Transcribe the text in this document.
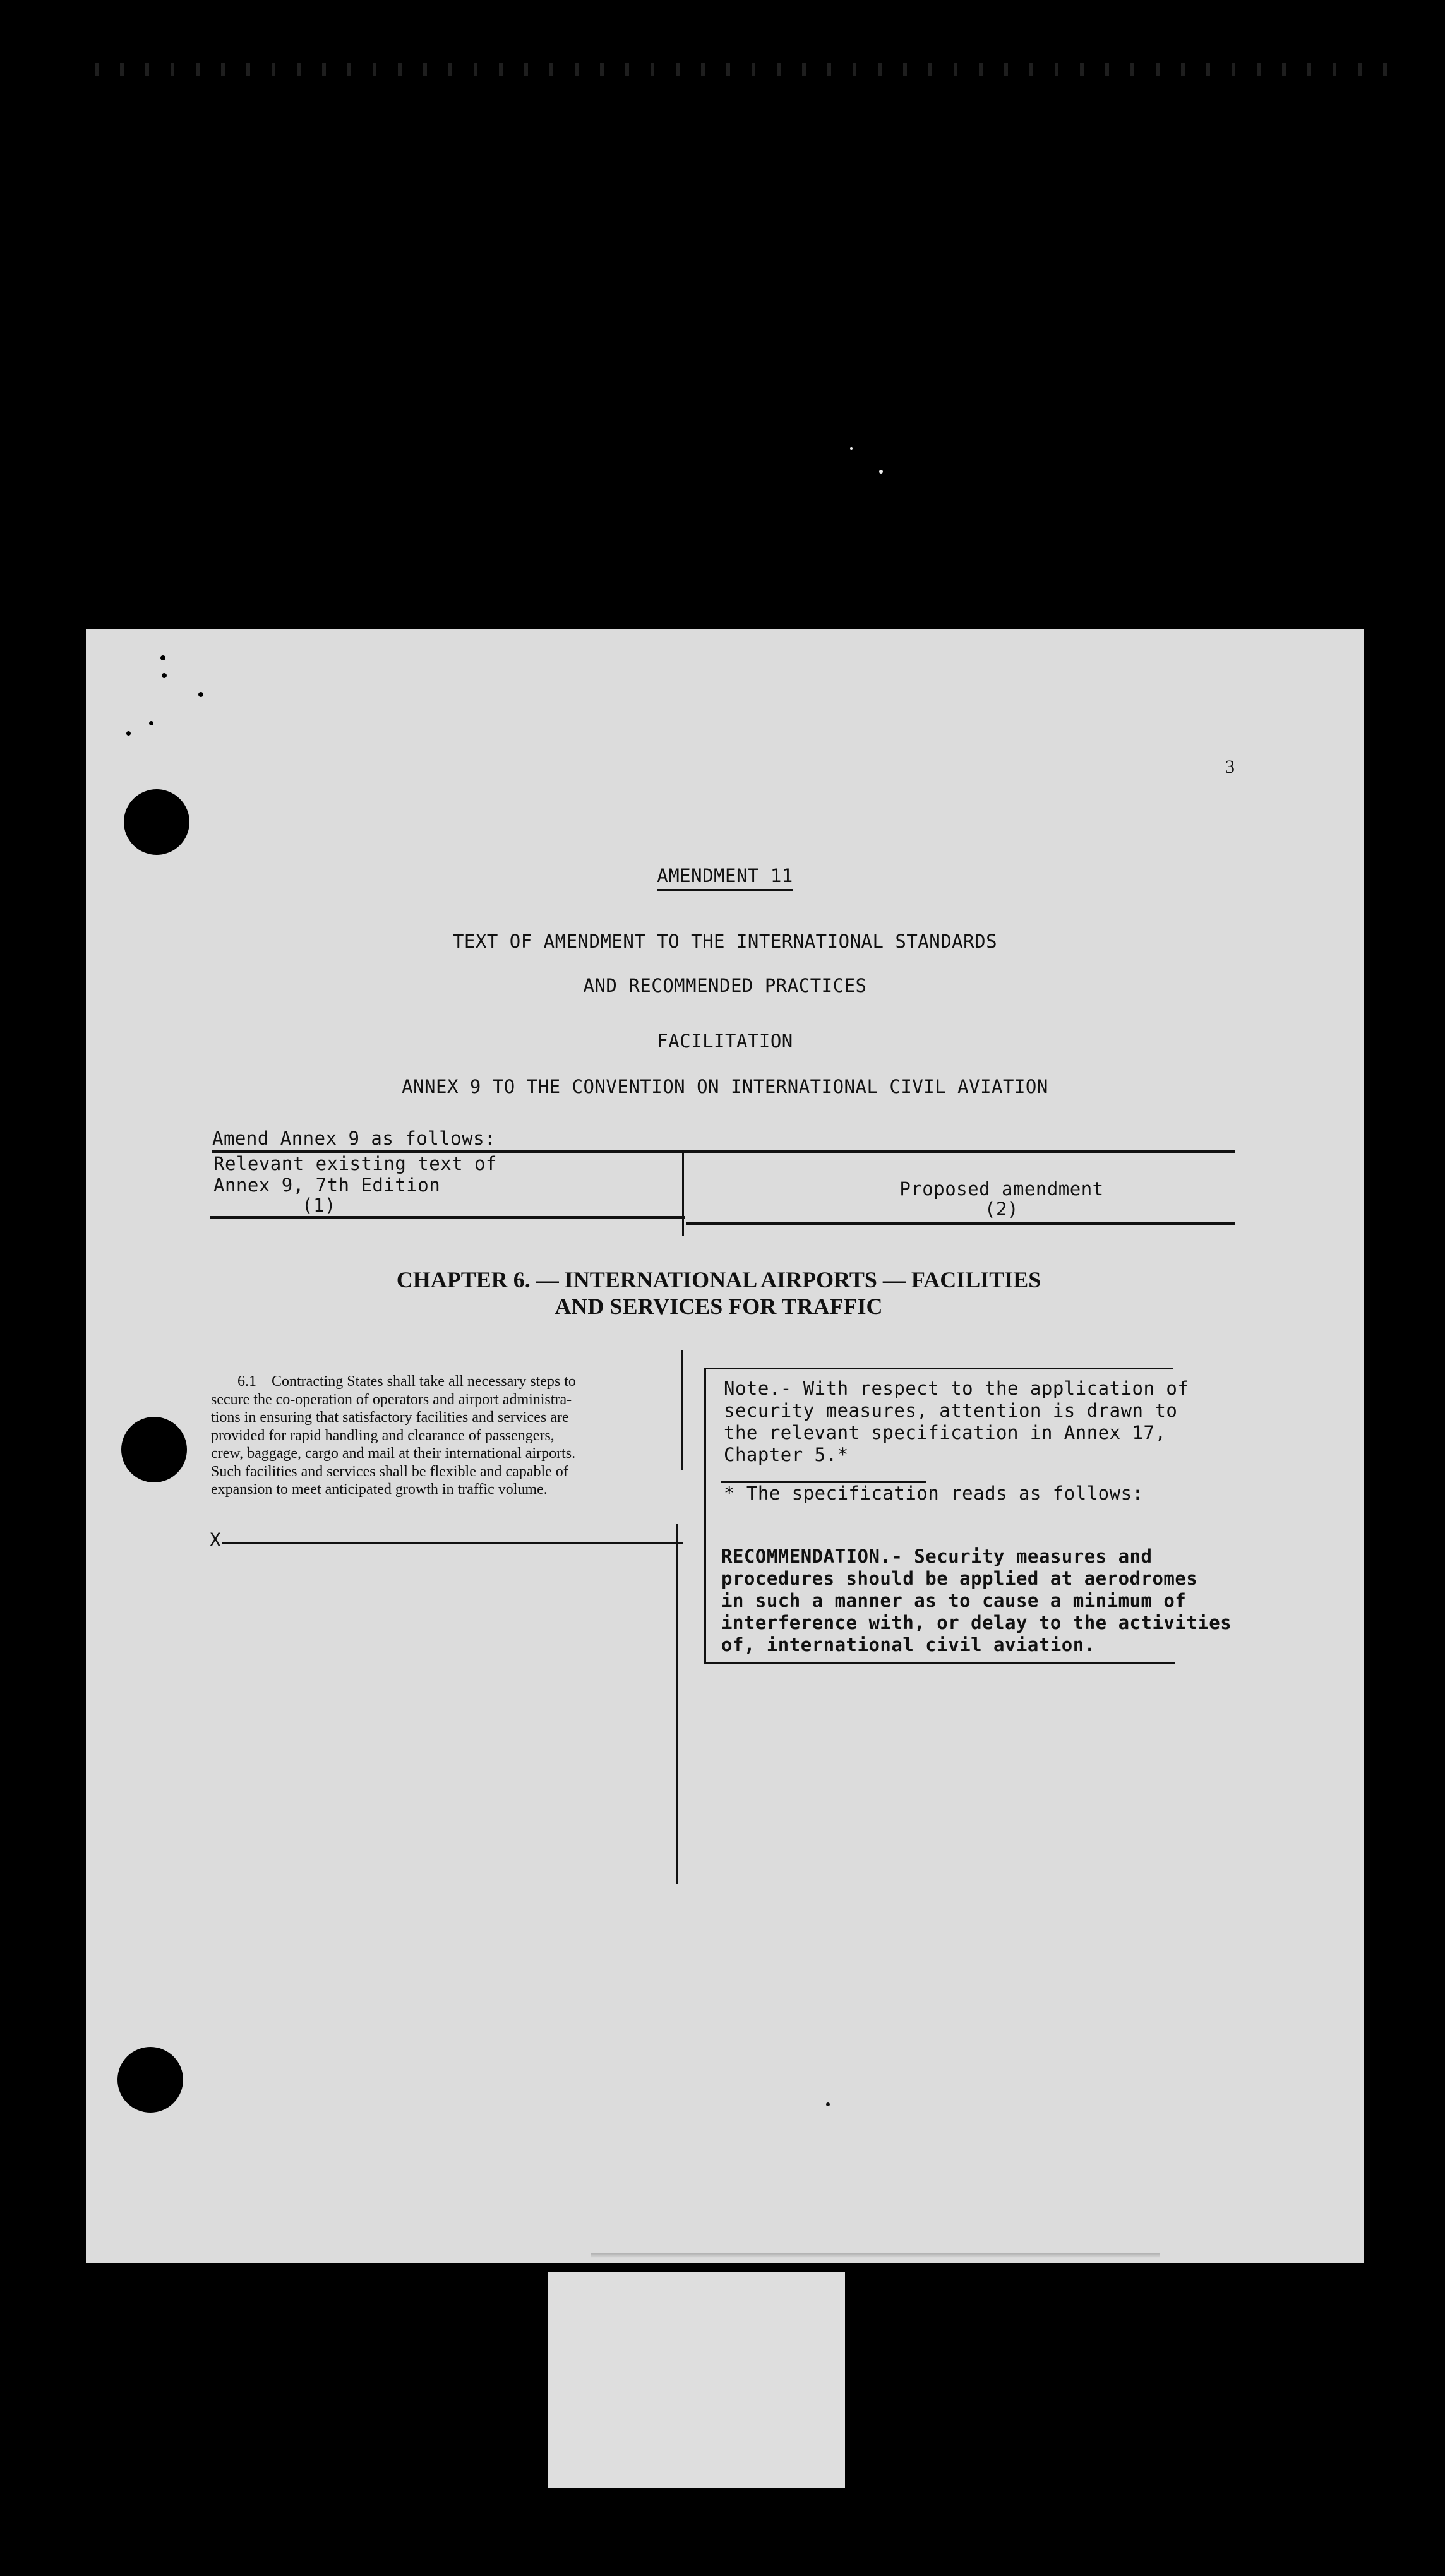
3
AMENDMENT 11
TEXT OF AMENDMENT TO THE INTERNATIONAL STANDARDS
AND RECOMMENDED PRACTICES
FACILITATION
ANNEX 9 TO THE CONVENTION ON INTERNATIONAL CIVIL AVIATION
Amend Annex 9 as follows:
Relevant existing text of
Annex 9, 7th Edition
(1)
Proposed amendment
(2)
CHAPTER 6. — INTERNATIONAL AIRPORTS — FACILITIES
AND SERVICES FOR TRAFFIC
6.1 Contracting States shall take all necessary steps to
secure the co-operation of operators and airport administra-
tions in ensuring that satisfactory facilities and services are
provided for rapid handling and clearance of passengers,
crew, baggage, cargo and mail at their international airports.
Such facilities and services shall be flexible and capable of
expansion to meet anticipated growth in traffic volume.
X
Note.- With respect to the application of
security measures, attention is drawn to
the relevant specification in Annex 17,
Chapter 5.*
* The specification reads as follows:
RECOMMENDATION.- Security measures and
procedures should be applied at aerodromes
in such a manner as to cause a minimum of
interference with, or delay to the activities
of, international civil aviation.
